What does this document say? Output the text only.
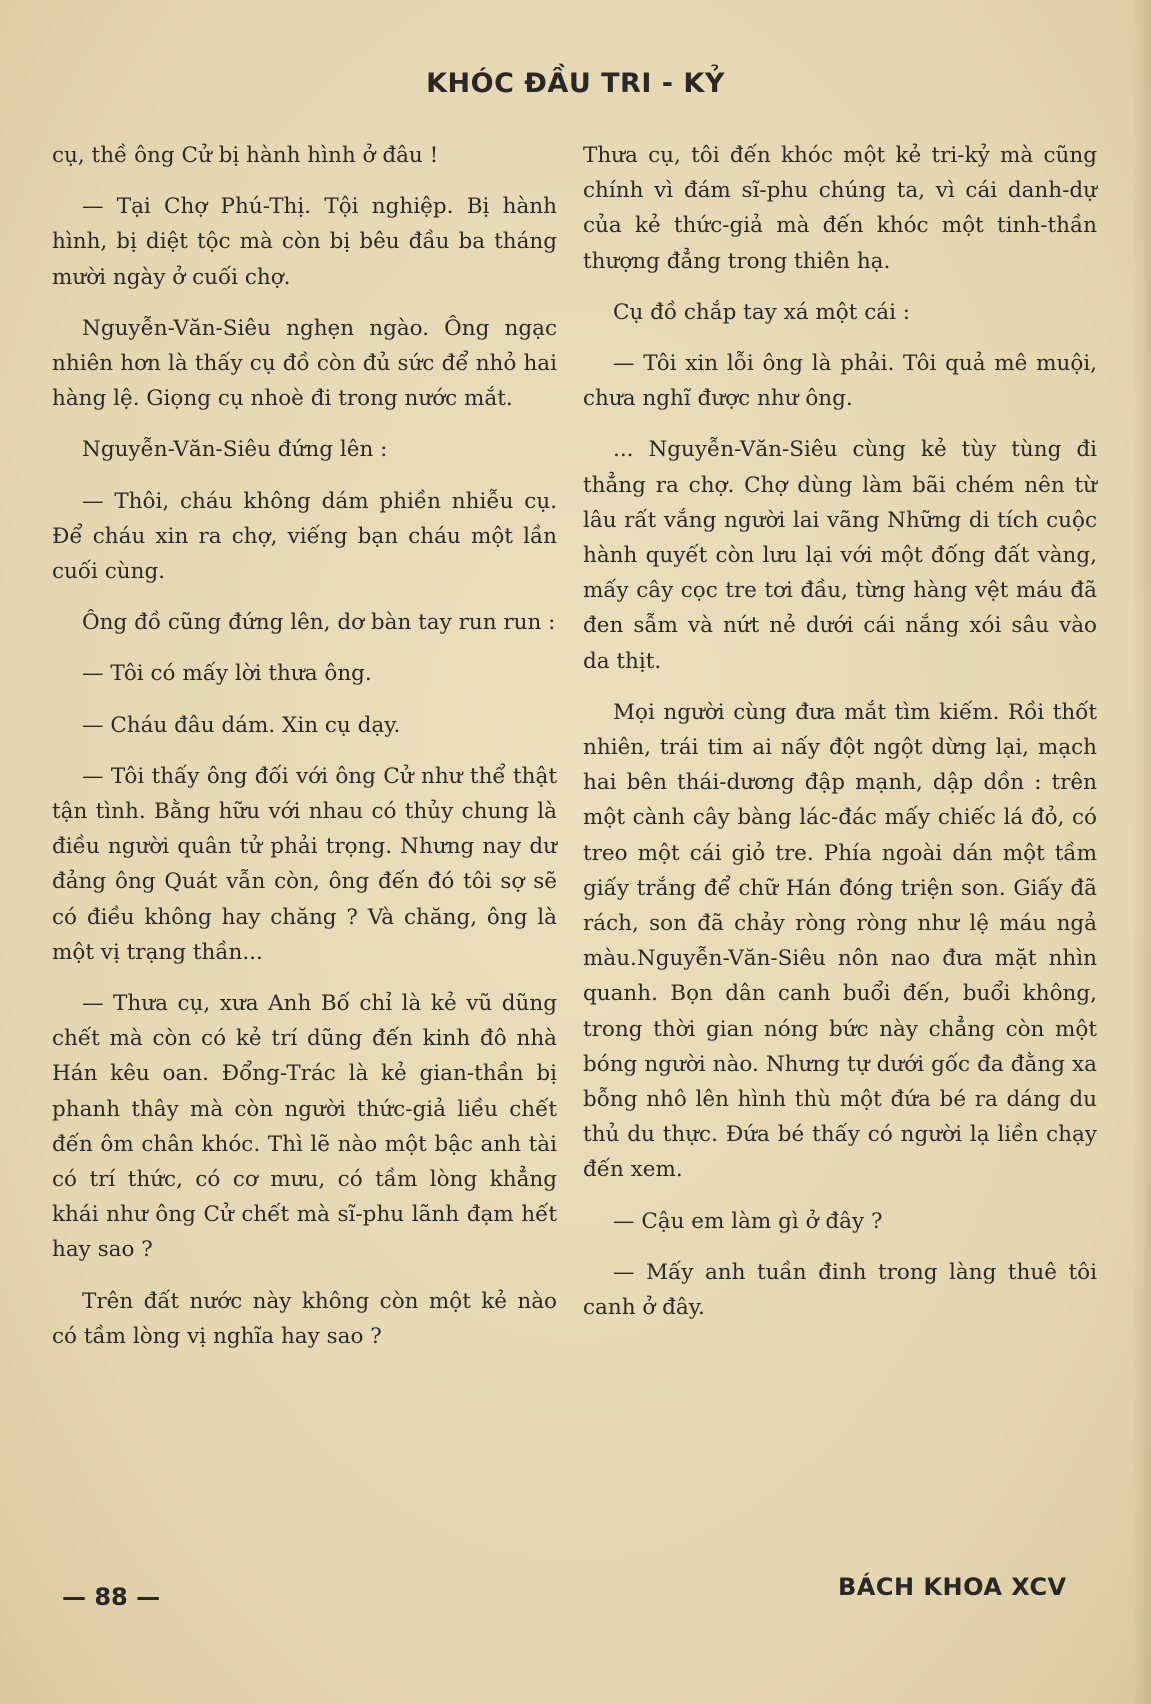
KHÓC ĐẦU TRI - KỶ

cụ, thề ông Cử bị hành hình ở đâu !

— Tại Chợ Phú-Thị. Tội nghiệp. Bị hành hình, bị diệt tộc mà còn bị bêu đầu ba tháng mười ngày ở cuối chợ.

Nguyễn-Văn-Siêu nghẹn ngào. Ông ngạc nhiên hơn là thấy cụ đồ còn đủ sức để nhỏ hai hàng lệ. Giọng cụ nhoè đi trong nước mắt.

Nguyễn-Văn-Siêu đứng lên :

— Thôi, cháu không dám phiền nhiễu cụ. Để cháu xin ra chợ, viếng bạn cháu một lần cuối cùng.

Ông đồ cũng đứng lên, dơ bàn tay run run :

— Tôi có mấy lời thưa ông.

— Cháu đâu dám. Xin cụ dạy.

— Tôi thấy ông đối với ông Cử như thể thật tận tình. Bằng hữu với nhau có thủy chung là điều người quân tử phải trọng. Nhưng nay dư đảng ông Quát vẫn còn, ông đến đó tôi sợ sẽ có điều không hay chăng ? Và chăng, ông là một vị trạng thần...

— Thưa cụ, xưa Anh Bố chỉ là kẻ vũ dũng chết mà còn có kẻ trí dũng đến kinh đô nhà Hán kêu oan. Đổng-Trác là kẻ gian-thần bị phanh thây mà còn người thức-giả liều chết đến ôm chân khóc. Thì lẽ nào một bậc anh tài có trí thức, có cơ mưu, có tầm lòng khẳng khái như ông Cử chết mà sĩ-phu lãnh đạm hết hay sao ?

Trên đất nước này không còn một kẻ nào có tầm lòng vị nghĩa hay sao ?

Thưa cụ, tôi đến khóc một kẻ tri-kỷ mà cũng chính vì đám sĩ-phu chúng ta, vì cái danh-dự của kẻ thức-giả mà đến khóc một tinh-thần thượng đẳng trong thiên hạ.

Cụ đồ chắp tay xá một cái :

— Tôi xin lỗi ông là phải. Tôi quả mê muội, chưa nghĩ được như ông.

... Nguyễn-Văn-Siêu cùng kẻ tùy tùng đi thẳng ra chợ. Chợ dùng làm bãi chém nên từ lâu rất vắng người lai vãng Những di tích cuộc hành quyết còn lưu lại với một đống đất vàng, mấy cây cọc tre tơi đầu, từng hàng vệt máu đã đen sẫm và nứt nẻ dưới cái nắng xói sâu vào da thịt.

Mọi người cùng đưa mắt tìm kiếm. Rồi thốt nhiên, trái tim ai nấy đột ngột dừng lại, mạch hai bên thái-dương đập mạnh, dập dồn : trên một cành cây bàng lác-đác mấy chiếc lá đỏ, có treo một cái giỏ tre. Phía ngoài dán một tầm giấy trắng để chữ Hán đóng triện son. Giấy đã rách, son đã chảy ròng ròng như lệ máu ngả màu.Nguyễn-Văn-Siêu nôn nao đưa mặt nhìn quanh. Bọn dân canh buổi đến, buổi không, trong thời gian nóng bức này chẳng còn một bóng người nào. Nhưng tự dưới gốc đa đằng xa bỗng nhô lên hình thù một đứa bé ra dáng du thủ du thực. Đứa bé thấy có người lạ liền chạy đến xem.

— Cậu em làm gì ở đây ?

— Mấy anh tuần đinh trong làng thuê tôi canh ở đây.

— 88 —	BÁCH KHOA XCV
